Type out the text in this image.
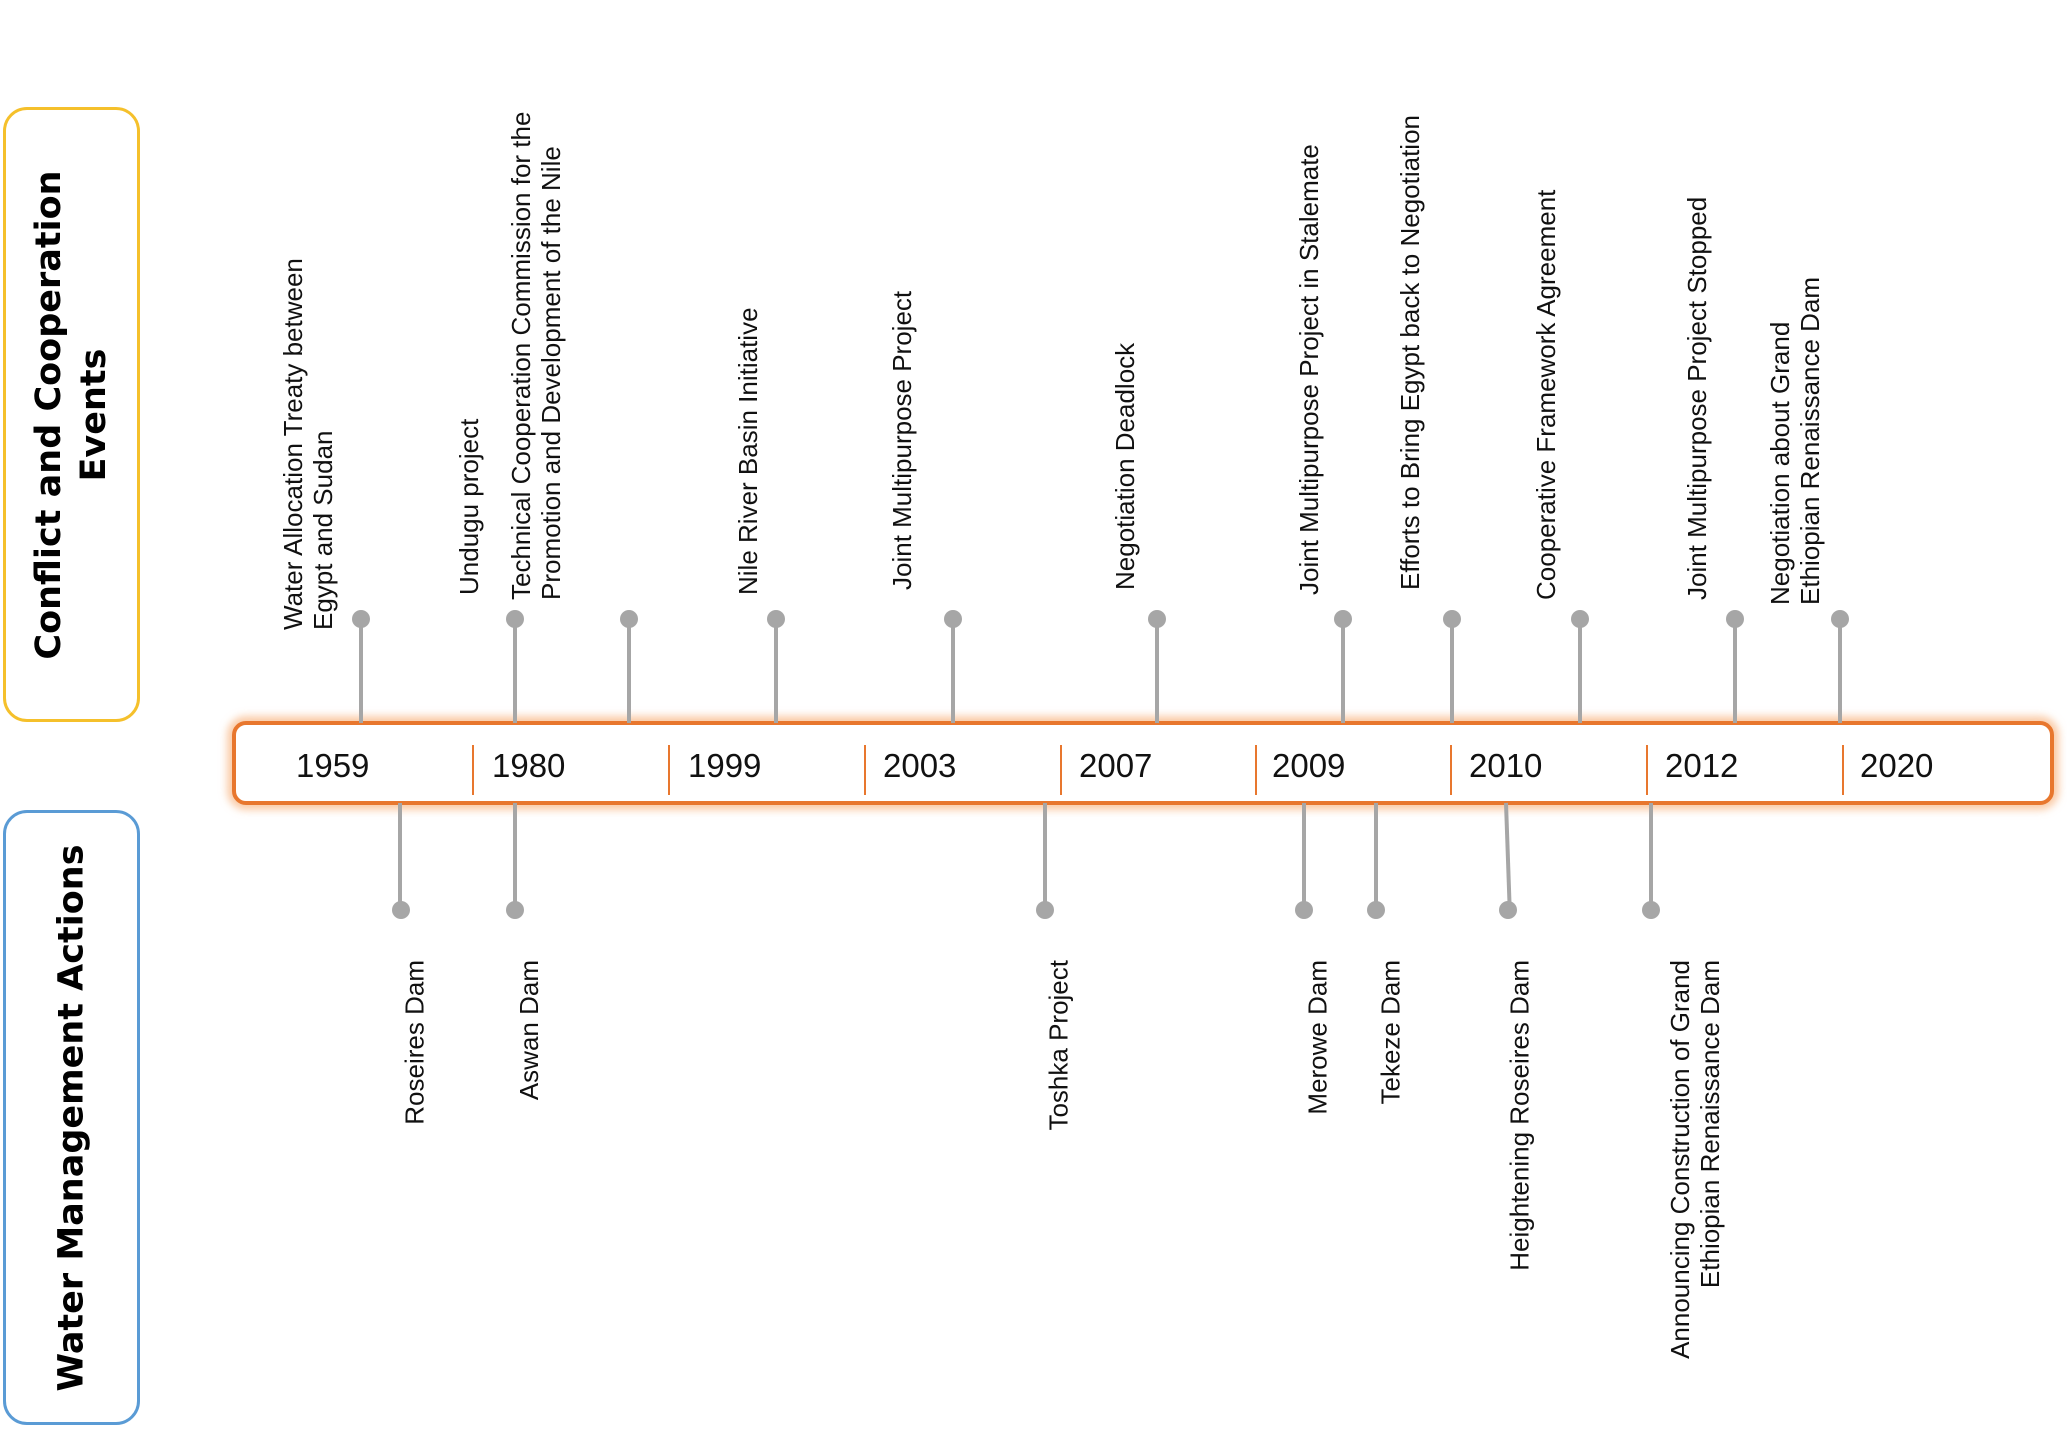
Conflict and Cooperation Events
Water Management Actions
1959	1980	1999	2003	2007	2009	2010	2012	2020
Water Allocation Treaty between Egypt and Sudan	Undugu project Technical Cooperation Commission for the Promotion and Development of the Nile	Nile River Basin Initiative	Joint Multipurpose Project	Negotiation Deadlock	Joint Multipurpose Project in Stalemate	Efforts to Bring Egypt back to Negotiation	Cooperative Framework Agreement	Joint Multipurpose Project Stopped Negotiation about Grand Ethiopian Renaissance Dam
Roseires Dam	Aswan Dam	Toshka Project	Merowe Dam Tekeze Dam	Heightening Roseires Dam	Announcing Construction of Grand Ethiopian Renaissance Dam
